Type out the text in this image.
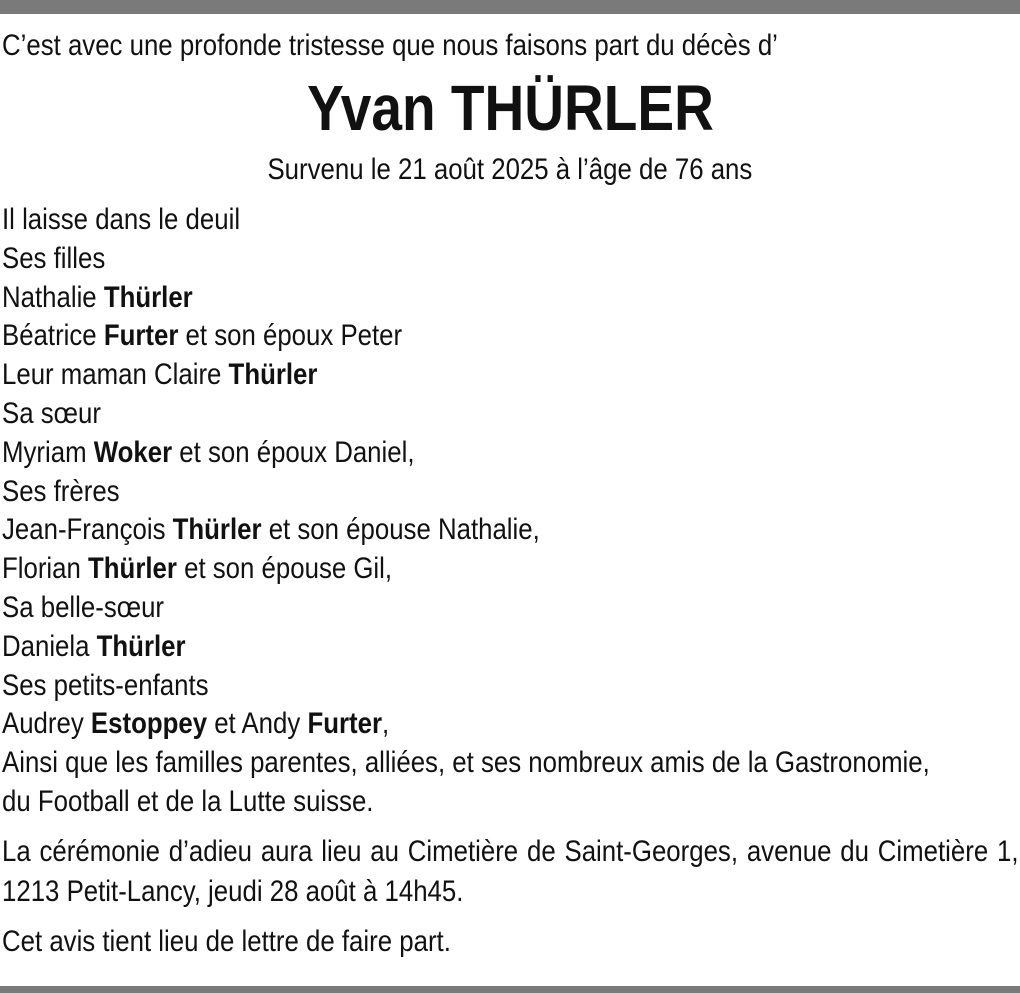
C’est avec une profonde tristesse que nous faisons part du décès d’
Yvan THÜRLER
Survenu le 21 août 2025 à l’âge de 76 ans
Il laisse dans le deuil
Ses filles
Nathalie Thürler
Béatrice Furter et son époux Peter
Leur maman Claire Thürler
Sa sœur
Myriam Woker et son époux Daniel,
Ses frères
Jean-François Thürler et son épouse Nathalie,
Florian Thürler et son épouse Gil,
Sa belle-sœur
Daniela Thürler
Ses petits-enfants
Audrey Estoppey et Andy Furter,
Ainsi que les familles parentes, alliées, et ses nombreux amis de la Gastronomie,
du Football et de la Lutte suisse.
La cérémonie d’adieu aura lieu au Cimetière de Saint-Georges, avenue du Cimetière 1, 1213 Petit-Lancy, jeudi 28 août à 14h45.
Cet avis tient lieu de lettre de faire part.
